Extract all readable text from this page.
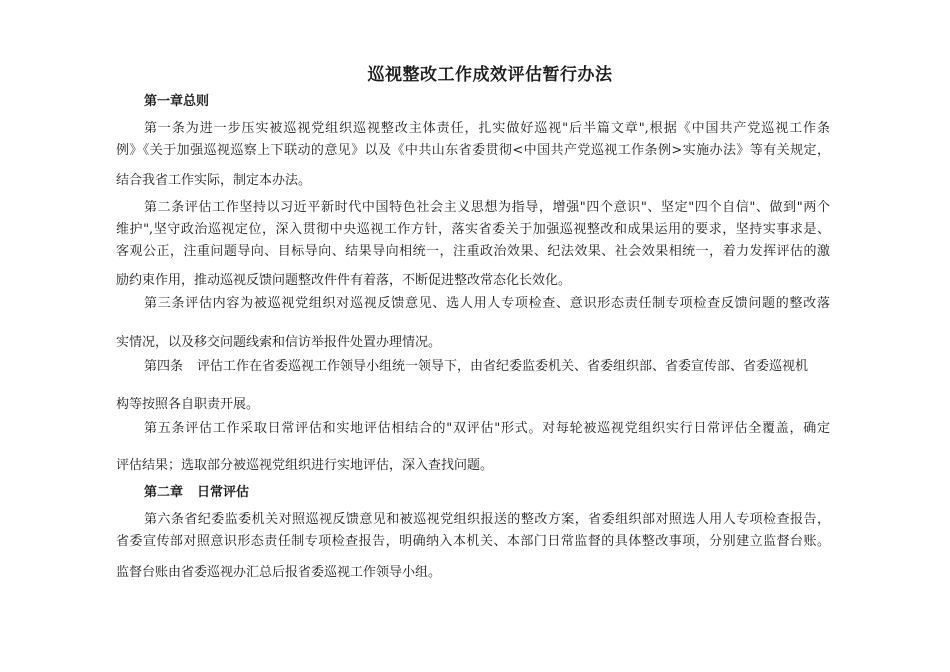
巡视整改工作成效评估暂行办法
第一章总则
第一条为进一步压实被巡视党组织巡视整改主体责任，扎实做好巡视"后半篇文章",根据《中国共产党巡视工作条
例》《关于加强巡视巡察上下联动的意见》以及《中共山东省委贯彻<中国共产党巡视工作条例>实施办法》等有关规定，
结合我省工作实际，制定本办法。
第二条评估工作坚持以习近平新时代中国特色社会主义思想为指导，增强"四个意识"、坚定"四个自信"、做到"两个
维护",坚守政治巡视定位，深入贯彻中央巡视工作方针，落实省委关于加强巡视整改和成果运用的要求，坚持实事求是、
客观公正，注重问题导向、目标导向、结果导向相统一，注重政治效果、纪法效果、社会效果相统一，着力发挥评估的激
励约束作用，推动巡视反馈问题整改件件有着落，不断促进整改常态化长效化。
第三条评估内容为被巡视党组织对巡视反馈意见、选人用人专项检查、意识形态责任制专项检查反馈问题的整改落
实情况，以及移交问题线索和信访举报件处置办理情况。
第四条 评估工作在省委巡视工作领导小组统一领导下，由省纪委监委机关、省委组织部、省委宣传部、省委巡视机
构等按照各自职责开展。
第五条评估工作采取日常评估和实地评估相结合的"双评估"形式。对每轮被巡视党组织实行日常评估全覆盖，确定
评估结果；选取部分被巡视党组织进行实地评估，深入查找问题。
第二章 日常评估
第六条省纪委监委机关对照巡视反馈意见和被巡视党组织报送的整改方案，省委组织部对照选人用人专项检查报告，
省委宣传部对照意识形态责任制专项检查报告，明确纳入本机关、本部门日常监督的具体整改事项，分别建立监督台账。
监督台账由省委巡视办汇总后报省委巡视工作领导小组。
